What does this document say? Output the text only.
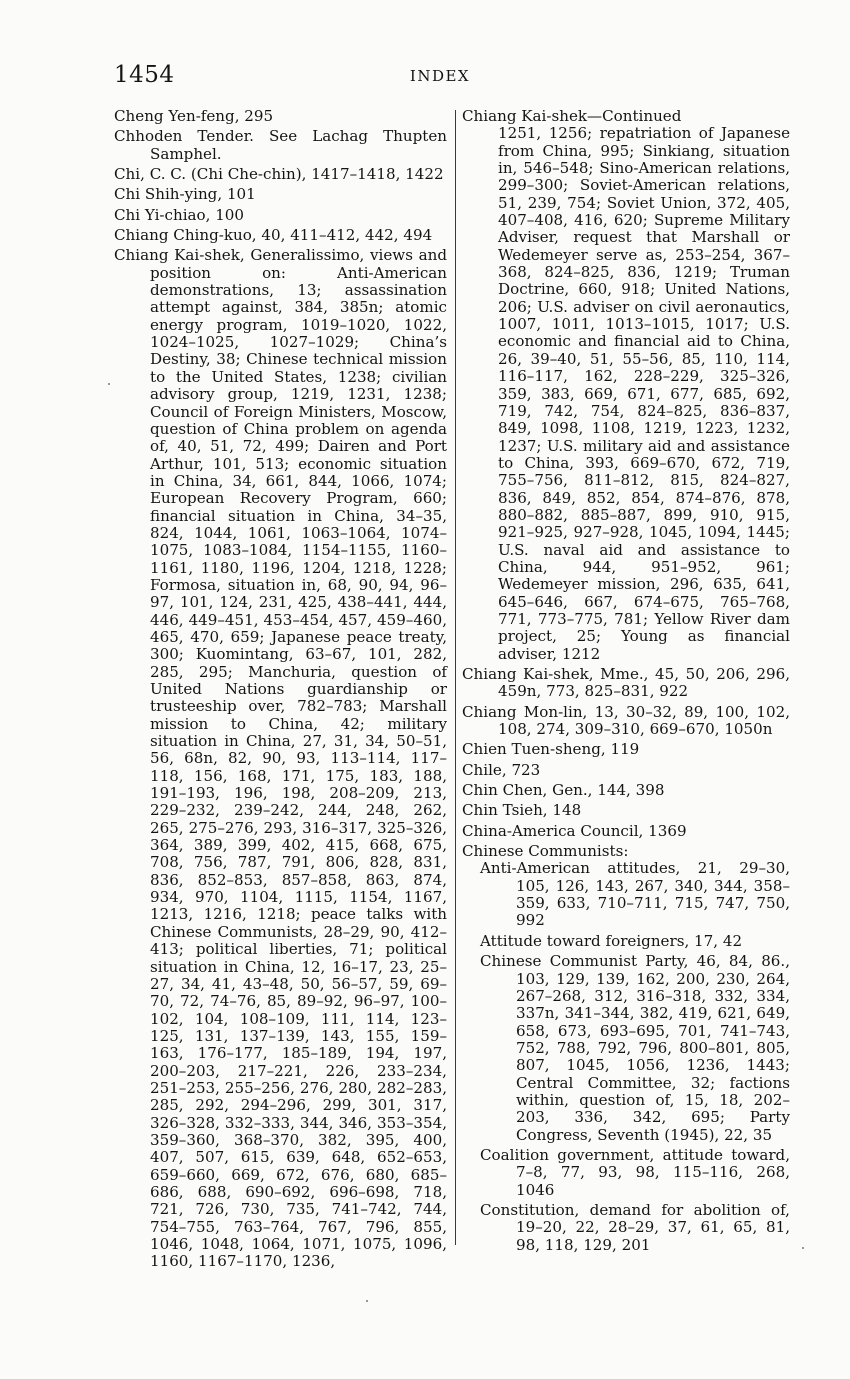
1454	INDEX

Cheng Yen-feng, 295

Chhoden Tender. See Lachag Thupten Samphel.

Chi, C. C. (Chi Che-chin), 1417–1418, 1422

Chi Shih-ying, 101

Chi Yi-chiao, 100

Chiang Ching-kuo, 40, 411–412, 442, 494

Chiang Kai-shek, Generalissimo, views and position on: Anti-American demonstrations, 13; assassination attempt against, 384, 385n; atomic energy program, 1019–1020, 1022, 1024–1025, 1027–1029; China’s Destiny, 38; Chinese technical mission to the United States, 1238; civilian advisory group, 1219, 1231, 1238; Council of Foreign Ministers, Moscow, question of China problem on agenda of, 40, 51, 72, 499; Dairen and Port Arthur, 101, 513; economic situation in China, 34, 661, 844, 1066, 1074; European Recovery Program, 660; financial situation in China, 34–35, 824, 1044, 1061, 1063–1064, 1074–1075, 1083–1084, 1154–1155, 1160–1161, 1180, 1196, 1204, 1218, 1228; Formosa, situation in, 68, 90, 94, 96–97, 101, 124, 231, 425, 438–441, 444, 446, 449–451, 453–454, 457, 459–460, 465, 470, 659; Japanese peace treaty, 300; Kuomintang, 63–67, 101, 282, 285, 295; Manchuria, question of United Nations guardianship or trusteeship over, 782–783; Marshall mission to China, 42; military situation in China, 27, 31, 34, 50–51, 56, 68n, 82, 90, 93, 113–114, 117–118, 156, 168, 171, 175, 183, 188, 191–193, 196, 198, 208–209, 213, 229–232, 239–242, 244, 248, 262, 265, 275–276, 293, 316–317, 325–326, 364, 389, 399, 402, 415, 668, 675, 708, 756, 787, 791, 806, 828, 831, 836, 852–853, 857–858, 863, 874, 934, 970, 1104, 1115, 1154, 1167, 1213, 1216, 1218; peace talks with Chinese Communists, 28–29, 90, 412–413; political liberties, 71; political situation in China, 12, 16–17, 23, 25–27, 34, 41, 43–48, 50, 56–57, 59, 69–70, 72, 74–76, 85, 89–92, 96–97, 100–102, 104, 108–109, 111, 114, 123–125, 131, 137–139, 143, 155, 159–163, 176–177, 185–189, 194, 197, 200–203, 217–221, 226, 233–234, 251–253, 255–256, 276, 280, 282–283, 285, 292, 294–296, 299, 301, 317, 326–328, 332–333, 344, 346, 353–354, 359–360, 368–370, 382, 395, 400, 407, 507, 615, 639, 648, 652–653, 659–660, 669, 672, 676, 680, 685–686, 688, 690–692, 696–698, 718, 721, 726, 730, 735, 741–742, 744, 754–755, 763–764, 767, 796, 855, 1046, 1048, 1064, 1071, 1075, 1096, 1160, 1167–1170, 1236,

Chiang Kai-shek—Continued

1251, 1256; repatriation of Japanese from China, 995; Sinkiang, situation in, 546–548; Sino-American relations, 299–300; Soviet-American relations, 51, 239, 754; Soviet Union, 372, 405, 407–408, 416, 620; Supreme Military Adviser, request that Marshall or Wedemeyer serve as, 253–254, 367–368, 824–825, 836, 1219; Truman Doctrine, 660, 918; United Nations, 206; U.S. adviser on civil aeronautics, 1007, 1011, 1013–1015, 1017; U.S. economic and financial aid to China, 26, 39–40, 51, 55–56, 85, 110, 114, 116–117, 162, 228–229, 325–326, 359, 383, 669, 671, 677, 685, 692, 719, 742, 754, 824–825, 836–837, 849, 1098, 1108, 1219, 1223, 1232, 1237; U.S. military aid and assistance to China, 393, 669–670, 672, 719, 755–756, 811–812, 815, 824–827, 836, 849, 852, 854, 874–876, 878, 880–882, 885–887, 899, 910, 915, 921–925, 927–928, 1045, 1094, 1445; U.S. naval aid and assistance to China, 944, 951–952, 961; Wedemeyer mission, 296, 635, 641, 645–646, 667, 674–675, 765–768, 771, 773–775, 781; Yellow River dam project, 25; Young as financial adviser, 1212

Chiang Kai-shek, Mme., 45, 50, 206, 296, 459n, 773, 825–831, 922

Chiang Mon-lin, 13, 30–32, 89, 100, 102, 108, 274, 309–310, 669–670, 1050n

Chien Tuen-sheng, 119

Chile, 723

Chin Chen, Gen., 144, 398

Chin Tsieh, 148

China-America Council, 1369

Chinese Communists:

Anti-American attitudes, 21, 29–30, 105, 126, 143, 267, 340, 344, 358–359, 633, 710–711, 715, 747, 750, 992

Attitude toward foreigners, 17, 42

Chinese Communist Party, 46, 84, 86., 103, 129, 139, 162, 200, 230, 264, 267–268, 312, 316–318, 332, 334, 337n, 341–344, 382, 419, 621, 649, 658, 673, 693–695, 701, 741–743, 752, 788, 792, 796, 800–801, 805, 807, 1045, 1056, 1236, 1443; Central Committee, 32; factions within, question of, 15, 18, 202–203, 336, 342, 695; Party Congress, Seventh (1945), 22, 35

Coalition government, attitude toward, 7–8, 77, 93, 98, 115–116, 268, 1046

Constitution, demand for abolition of, 19–20, 22, 28–29, 37, 61, 65, 81, 98, 118, 129, 201
